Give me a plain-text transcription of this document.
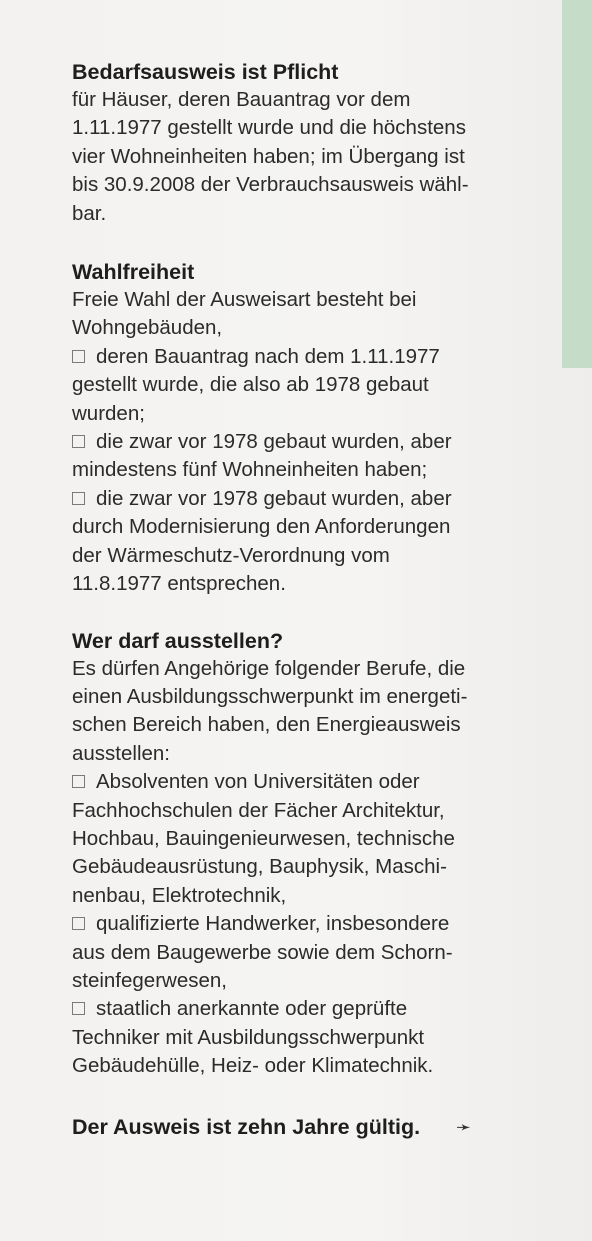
Bedarfsausweis ist Pflicht

für Häuser, deren Bauantrag vor dem

1.11.1977 gestellt wurde und die höchstens

vier Wohneinheiten haben; im Übergang ist

bis 30.9.2008 der Verbrauchsausweis wähl-

bar.

Wahlfreiheit

Freie Wahl der Ausweisart besteht bei

Wohngebäuden,

deren Bauantrag nach dem 1.11.1977

gestellt wurde, die also ab 1978 gebaut

wurden;

die zwar vor 1978 gebaut wurden, aber

mindestens fünf Wohneinheiten haben;

die zwar vor 1978 gebaut wurden, aber

durch Modernisierung den Anforderungen

der Wärmeschutz-Verordnung vom

11.8.1977 entsprechen.

Wer darf ausstellen?

Es dürfen Angehörige folgender Berufe, die

einen Ausbildungsschwerpunkt im energeti-

schen Bereich haben, den Energieausweis

ausstellen:

Absolventen von Universitäten oder

Fachhochschulen der Fächer Architektur,

Hochbau, Bauingenieurwesen, technische

Gebäudeausrüstung, Bauphysik, Maschi-

nenbau, Elektrotechnik,

qualifizierte Handwerker, insbesondere

aus dem Baugewerbe sowie dem Schorn-

steinfegerwesen,

staatlich anerkannte oder geprüfte

Techniker mit Ausbildungsschwerpunkt

Gebäudehülle, Heiz- oder Klimatechnik.

Der Ausweis ist zehn Jahre gültig. ➛
